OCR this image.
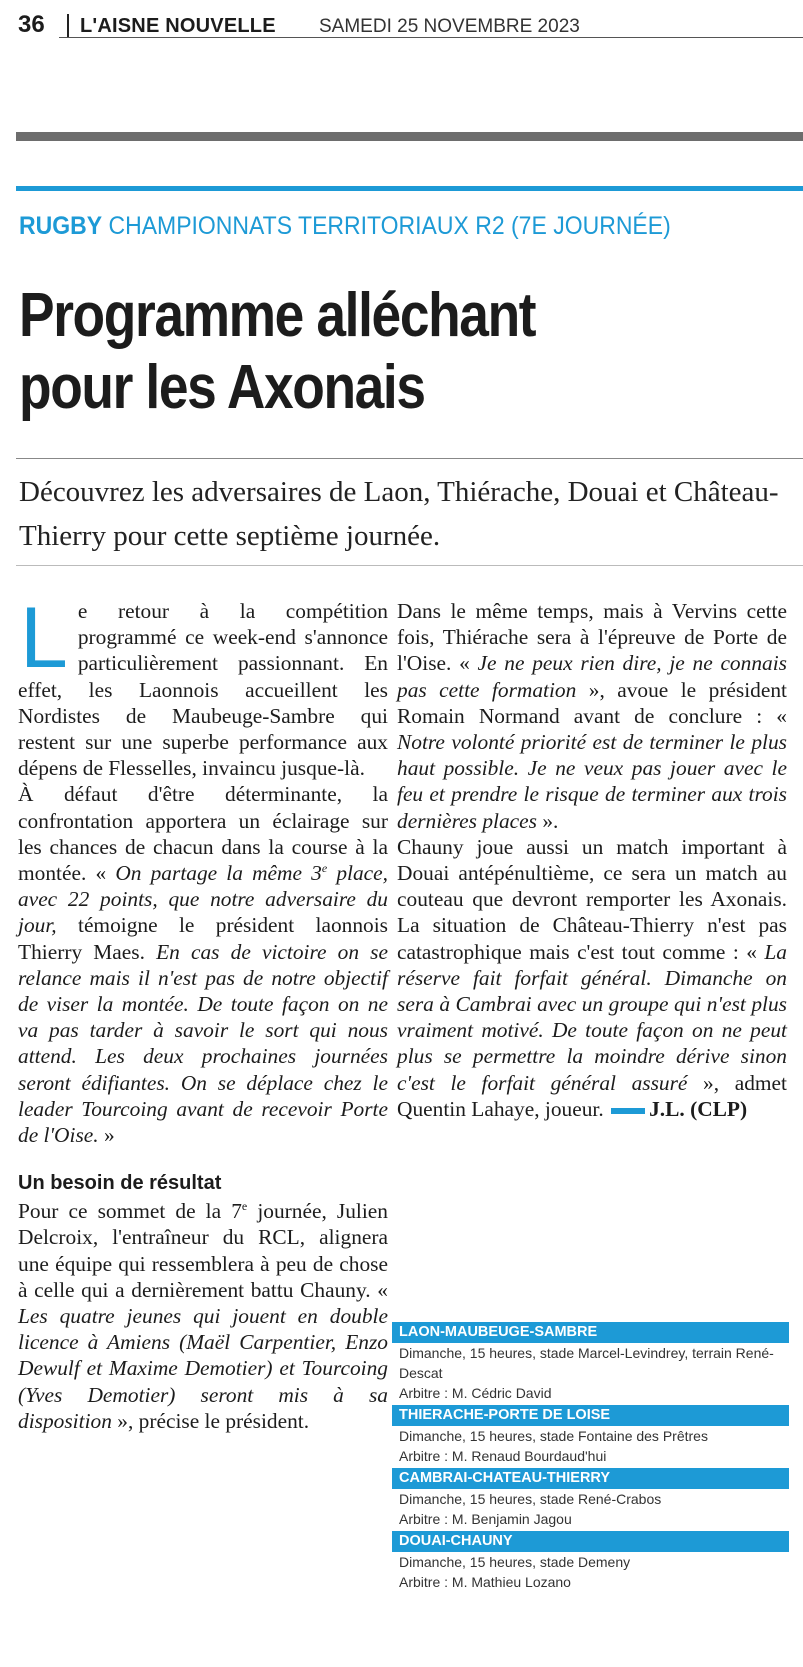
36 L'AISNE NOUVELLE SAMEDI 25 NOVEMBRE 2023
RUGBY CHAMPIONNATS TERRITORIAUX R2 (7E JOURNÉE)
Programme alléchant
pour les Axonais
Découvrez les adversaires de Laon, Thiérache, Douai et Château-Thierry pour cette septième journée.

Le retour à la compétition programmé ce week-end s'annonce particulièrement passionnant. En effet, les Laonnois accueillent les Nordistes de Maubeuge-Sambre qui restent sur une superbe performance aux dépens de Flesselles, invaincu jusque-là.

À défaut d'être déterminante, la confrontation apportera un éclairage sur les chances de chacun dans la course à la montée. « On partage la même 3e place, avec 22 points, que notre adversaire du jour, témoigne le président laonnois Thierry Maes. En cas de victoire on se relance mais il n'est pas de notre objectif de viser la montée. De toute façon on ne va pas tarder à savoir le sort qui nous attend. Les deux prochaines journées seront édifiantes. On se déplace chez le leader Tourcoing avant de recevoir Porte de l'Oise. »

Un besoin de résultat

Pour ce sommet de la 7e journée, Julien Delcroix, l'entraîneur du RCL, alignera une équipe qui ressemblera à peu de chose à celle qui a dernièrement battu Chauny. « Les quatre jeunes qui jouent en double licence à Amiens (Maël Carpentier, Enzo Dewulf et Maxime Demotier) et Tourcoing (Yves Demotier) seront mis à sa disposition », précise le président.

Dans le même temps, mais à Vervins cette fois, Thiérache sera à l'épreuve de Porte de l'Oise. « Je ne peux rien dire, je ne connais pas cette formation », avoue le président Romain Normand avant de conclure : « Notre volonté priorité est de terminer le plus haut possible. Je ne veux pas jouer avec le feu et prendre le risque de terminer aux trois dernières places ».

Chauny joue aussi un match important à Douai antépénultième, ce sera un match au couteau que devront remporter les Axonais. La situation de Château-Thierry n'est pas catastrophique mais c'est tout comme : « La réserve fait forfait général. Dimanche on sera à Cambrai avec un groupe qui n'est plus vraiment motivé. De toute façon on ne peut plus se permettre la moindre dérive sinon c'est le forfait général assuré », admet Quentin Lahaye, joueur. J.L. (CLP)

LAON-MAUBEUGE-SAMBRE
Dimanche, 15 heures, stade Marcel-Levindrey, terrain René-Descat
Arbitre : M. Cédric David
THIERACHE-PORTE DE LOISE
Dimanche, 15 heures, stade Fontaine des Prêtres
Arbitre : M. Renaud Bourdaud'hui
CAMBRAI-CHATEAU-THIERRY
Dimanche, 15 heures, stade René-Crabos
Arbitre : M. Benjamin Jagou
DOUAI-CHAUNY
Dimanche, 15 heures, stade Demeny
Arbitre : M. Mathieu Lozano
